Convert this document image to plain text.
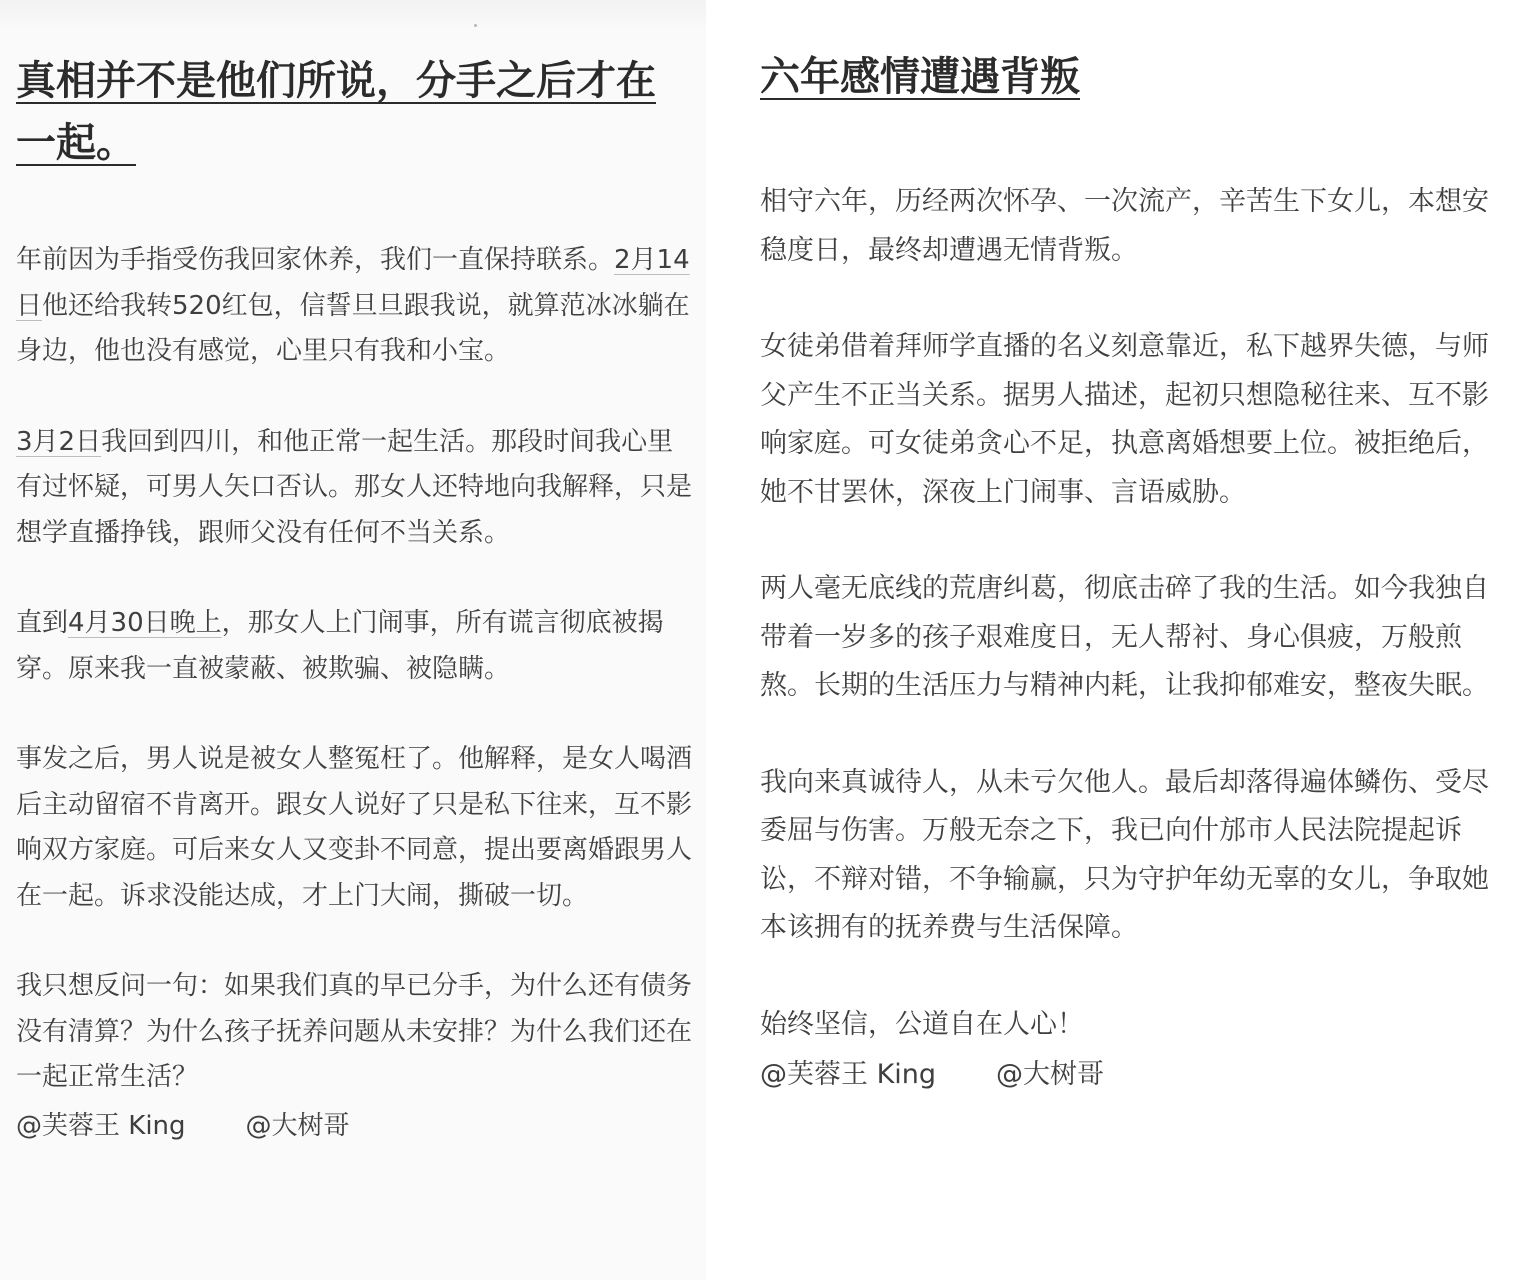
真相并不是他们所说，分手之后才在一起。

年前因为手指受伤我回家休养，我们一直保持联系。2月14日他还给我转520红包，信誓旦旦跟我说，就算范冰冰躺在身边，他也没有感觉，心里只有我和小宝。

3月2日我回到四川，和他正常一起生活。那段时间我心里有过怀疑，可男人矢口否认。那女人还特地向我解释，只是想学直播挣钱，跟师父没有任何不当关系。

直到4月30日晚上，那女人上门闹事，所有谎言彻底被揭穿。原来我一直被蒙蔽、被欺骗、被隐瞒。

事发之后，男人说是被女人整冤枉了。他解释，是女人喝酒后主动留宿不肯离开。跟女人说好了只是私下往来，互不影响双方家庭。可后来女人又变卦不同意，提出要离婚跟男人在一起。诉求没能达成，才上门大闹，撕破一切。

我只想反问一句：如果我们真的早已分手，为什么还有债务没有清算？为什么孩子抚养问题从未安排？为什么我们还在一起正常生活？

@芙蓉王 King @大树哥
六年感情遭遇背叛

相守六年，历经两次怀孕、一次流产，辛苦生下女儿，本想安稳度日，最终却遭遇无情背叛。

女徒弟借着拜师学直播的名义刻意靠近，私下越界失德，与师父产生不正当关系。据男人描述，起初只想隐秘往来、互不影响家庭。可女徒弟贪心不足，执意离婚想要上位。被拒绝后，她不甘罢休，深夜上门闹事、言语威胁。

两人毫无底线的荒唐纠葛，彻底击碎了我的生活。如今我独自带着一岁多的孩子艰难度日，无人帮衬、身心俱疲，万般煎熬。长期的生活压力与精神内耗，让我抑郁难安，整夜失眠。

我向来真诚待人，从未亏欠他人。最后却落得遍体鳞伤、受尽委屈与伤害。万般无奈之下，我已向什邡市人民法院提起诉讼，不辩对错，不争输赢，只为守护年幼无辜的女儿，争取她本该拥有的抚养费与生活保障。

始终坚信，公道自在人心！

@芙蓉王 King @大树哥
